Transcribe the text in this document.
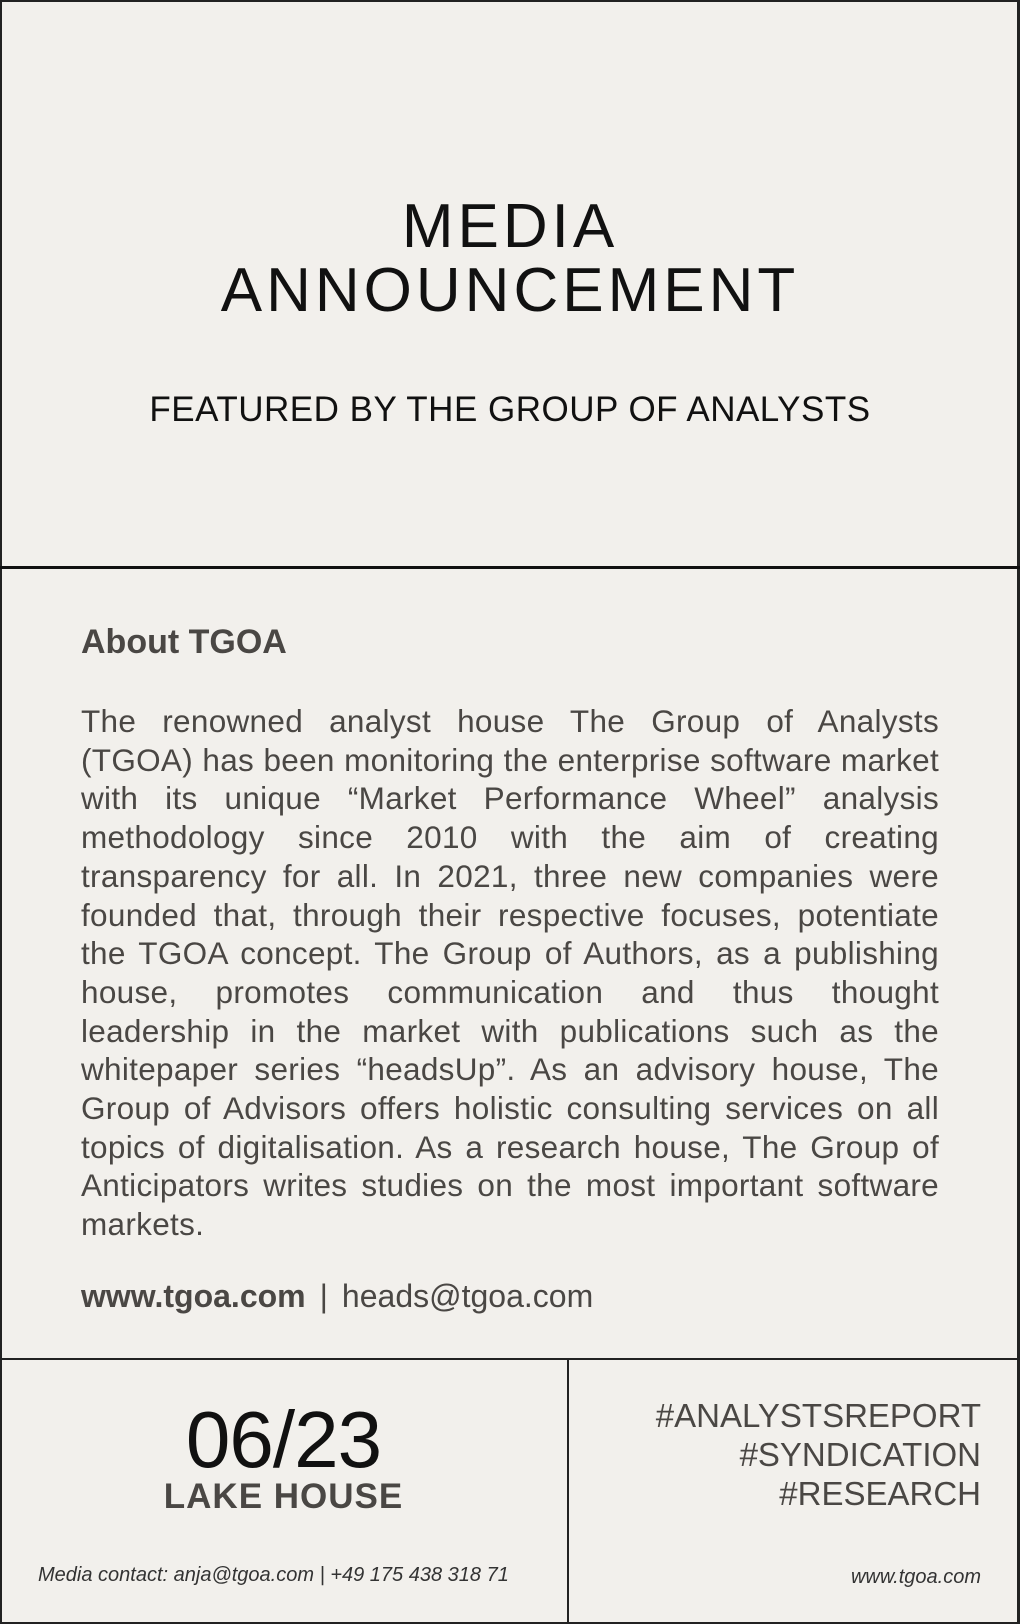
MEDIA
ANNOUNCEMENT
FEATURED BY THE GROUP OF ANALYSTS
About TGOA
The renowned analyst house The Group of Analysts (TGOA) has been monitoring the enterprise software market with its unique “Market Performance Wheel” analysis methodology since 2010 with the aim of creating transparency for all. In 2021, three new companies were founded that, through their respective focuses, potentiate the TGOA concept. The Group of Authors, as a publishing house, promotes communication and thus thought leadership in the market with publications such as the whitepaper series “headsUp”. As an advisory house, The Group of Advisors offers holistic consulting services on all topics of digitalisation. As a research house, The Group of Anticipators writes studies on the most important software markets.
www.tgoa.com | heads@tgoa.com
06/23
LAKE HOUSE
Media contact: anja@tgoa.com | +49 175 438 318 71
#ANALYSTSREPORT
#SYNDICATION
#RESEARCH
www.tgoa.com
